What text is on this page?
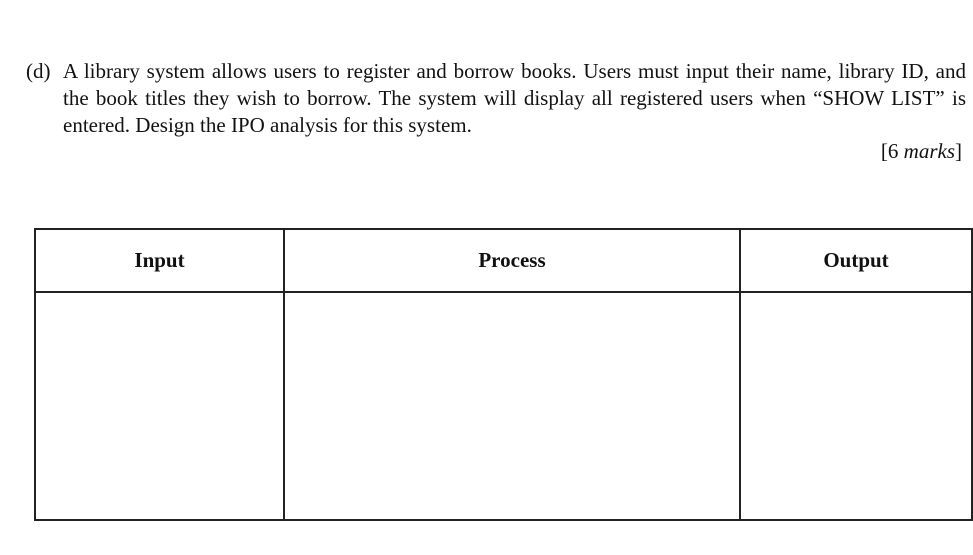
(d) A library system allows users to register and borrow books. Users must input their name, library ID, and the book titles they wish to borrow. The system will display all registered users when “SHOW LIST” is entered. Design the IPO analysis for this system.
[6 marks]
Input	Process	Output
